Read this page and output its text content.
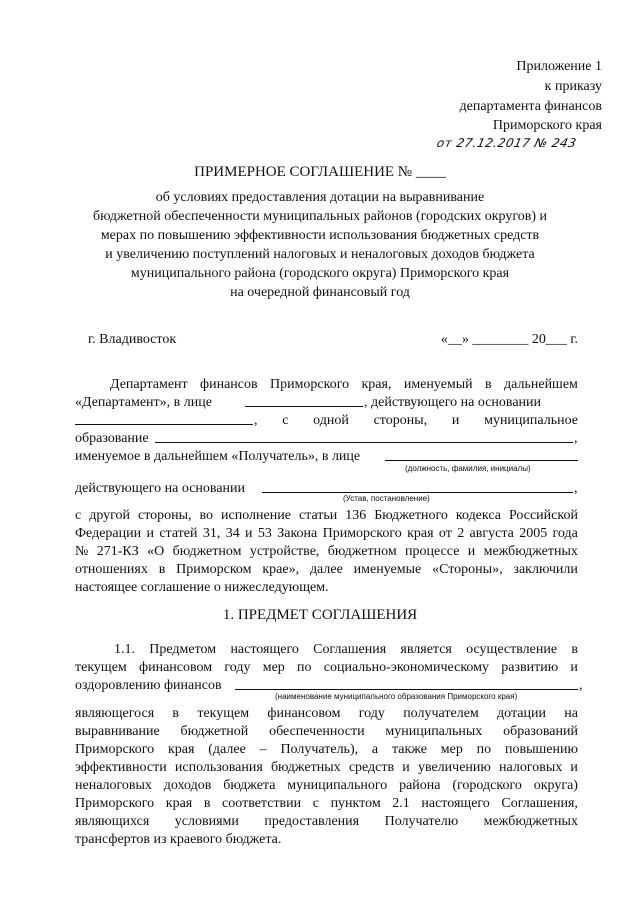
Приложение 1
к приказу
департамента финансов
Приморского края
от 27.12.2017 № 243
ПРИМЕРНОЕ СОГЛАШЕНИЕ № ____
об условиях предоставления дотации на выравнивание
бюджетной обеспеченности муниципальных районов (городских округов) и
мерах по повышению эффективности использования бюджетных средств
и увеличению поступлений налоговых и неналоговых доходов бюджета
муниципального района (городского округа) Приморского края
на очередной финансовый год
г. Владивосток	«__» ________ 20___ г.
Департамент финансов Приморского края, именуемый в дальнейшем
«Департамент», в лице	, действующего на основании
, с одной стороны, и муниципальное
образование	,
именуемое в дальнейшем «Получатель», в лице
(должность, фамилия, инициалы)
действующего на основании	,
(Устав, постановление)
с другой стороны, во исполнение статьи 136 Бюджетного кодекса Российской
Федерации и статей 31, 34 и 53 Закона Приморского края от 2 августа 2005 года
№ 271-КЗ «О бюджетном устройстве, бюджетном процессе и межбюджетных
отношениях в Приморском крае», далее именуемые «Стороны», заключили
настоящее соглашение о нижеследующем.
1. ПРЕДМЕТ СОГЛАШЕНИЯ
1.1. Предметом настоящего Соглашения является осуществление в
текущем финансовом году мер по социально-экономическому развитию и
оздоровлению финансов	,
(наименование муниципального образования Приморского края)
являющегося в текущем финансовом году получателем дотации на
выравнивание бюджетной обеспеченности муниципальных образований
Приморского края (далее – Получатель), а также мер по повышению
эффективности использования бюджетных средств и увеличению налоговых и
неналоговых доходов бюджета муниципального района (городского округа)
Приморского края в соответствии с пунктом 2.1 настоящего Соглашения,
являющихся условиями предоставления Получателю межбюджетных
трансфертов из краевого бюджета.
